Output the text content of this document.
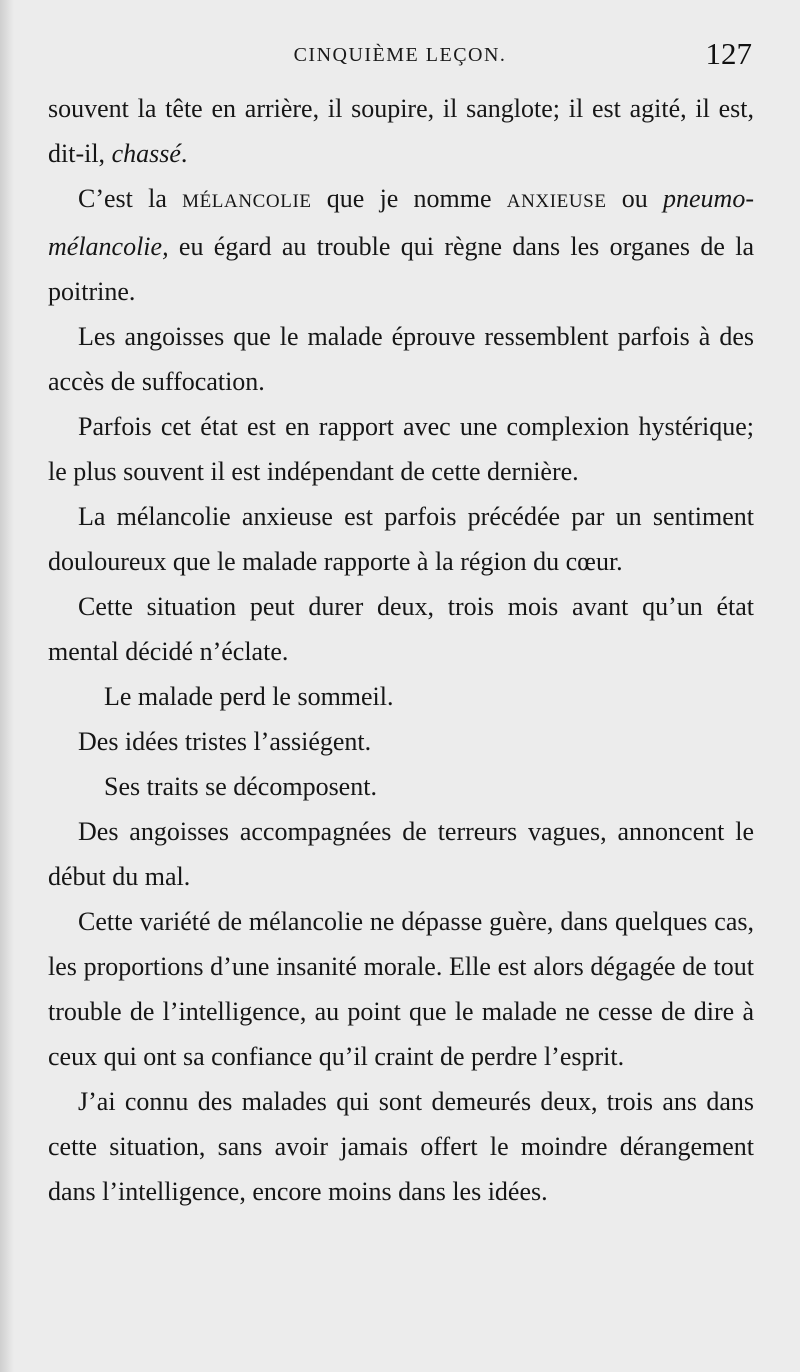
CINQUIÈME LEÇON.	127

souvent la tête en arrière, il soupire, il sanglote; il est agité, il est, dit-il, chassé.

C’est la MÉLANCOLIE que je nomme ANXIEUSE ou pneumo-mélancolie, eu égard au trouble qui règne dans les organes de la poitrine.

Les angoisses que le malade éprouve ressemblent parfois à des accès de suffocation.

Parfois cet état est en rapport avec une complexion hystérique; le plus souvent il est indépendant de cette dernière.

La mélancolie anxieuse est parfois précédée par un sentiment douloureux que le malade rapporte à la région du cœur.

Cette situation peut durer deux, trois mois avant qu’un état mental décidé n’éclate.

Le malade perd le sommeil.

Des idées tristes l’assiégent.

Ses traits se décomposent.

Des angoisses accompagnées de terreurs vagues, annoncent le début du mal.

Cette variété de mélancolie ne dépasse guère, dans quelques cas, les proportions d’une insanité morale. Elle est alors dégagée de tout trouble de l’intelligence, au point que le malade ne cesse de dire à ceux qui ont sa confiance qu’il craint de perdre l’esprit.

J’ai connu des malades qui sont demeurés deux, trois ans dans cette situation, sans avoir jamais offert le moindre dérangement dans l’intelligence, encore moins dans les idées.
